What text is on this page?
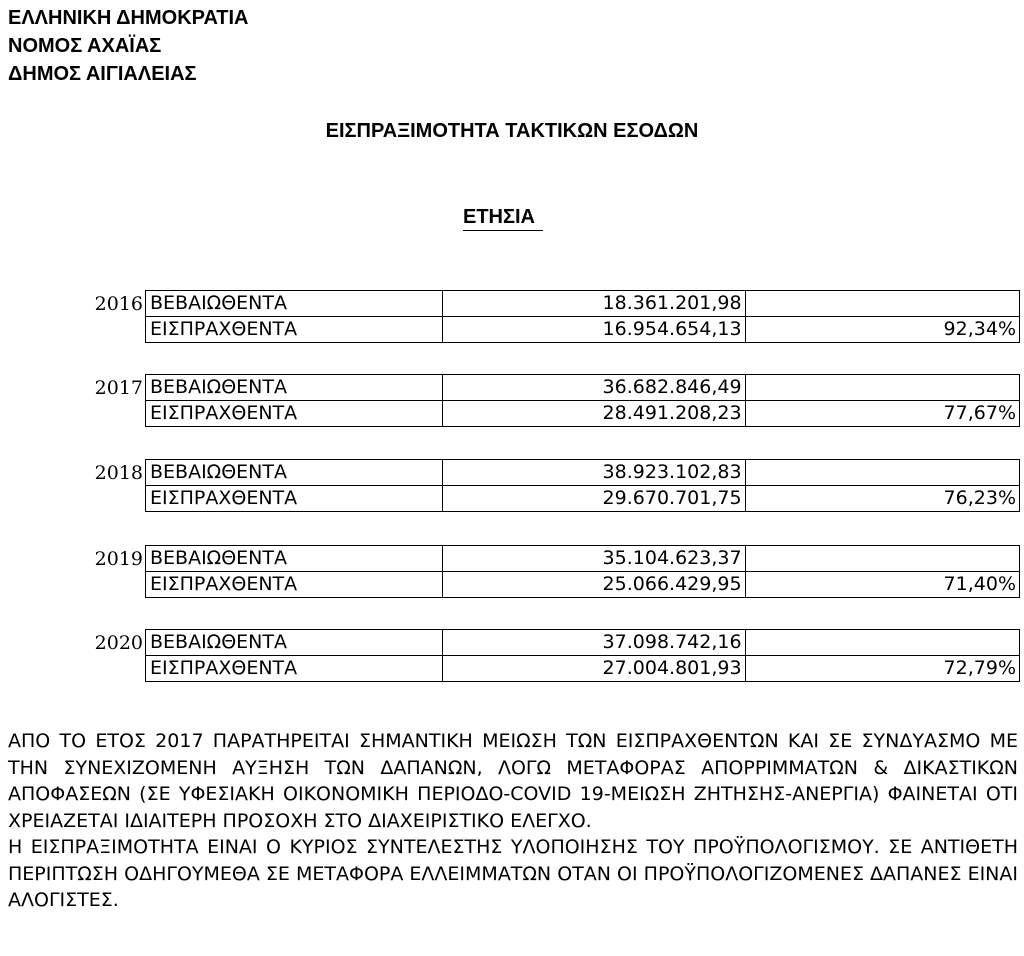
ΕΛΛΗΝΙΚΗ ΔΗΜΟΚΡΑΤΙΑ
ΝΟΜΟΣ ΑΧΑΪΑΣ
ΔΗΜΟΣ ΑΙΓΙΑΛΕΙΑΣ
ΕΙΣΠΡΑΞΙΜΟΤΗΤΑ ΤΑΚΤΙΚΩΝ ΕΣΟΔΩΝ
ΕΤΗΣΙΑ
2016 ΒΕΒΑΙΩΘΕΝΤΑ	18.361.201,98	
ΕΙΣΠΡΑΧΘΕΝΤΑ	16.954.654,13	92,34%
2017 ΒΕΒΑΙΩΘΕΝΤΑ	36.682.846,49	
ΕΙΣΠΡΑΧΘΕΝΤΑ	28.491.208,23	77,67%
2018 ΒΕΒΑΙΩΘΕΝΤΑ	38.923.102,83	
ΕΙΣΠΡΑΧΘΕΝΤΑ	29.670.701,75	76,23%
2019 ΒΕΒΑΙΩΘΕΝΤΑ	35.104.623,37	
ΕΙΣΠΡΑΧΘΕΝΤΑ	25.066.429,95	71,40%
2020 ΒΕΒΑΙΩΘΕΝΤΑ	37.098.742,16	
ΕΙΣΠΡΑΧΘΕΝΤΑ	27.004.801,93	72,79%

ΑΠΟ ΤΟ ΕΤΟΣ 2017 ΠΑΡΑΤΗΡΕΙΤΑΙ ΣΗΜΑΝΤΙΚΗ ΜΕΙΩΣΗ ΤΩΝ ΕΙΣΠΡΑΧΘΕΝΤΩΝ ΚΑΙ ΣΕ ΣΥΝΔΥΑΣΜΟ ΜΕ ΤΗΝ ΣΥΝΕΧΙΖΟΜΕΝΗ ΑΥΞΗΣΗ ΤΩΝ ΔΑΠΑΝΩΝ, ΛΟΓΩ ΜΕΤΑΦΟΡΑΣ ΑΠΟΡΡΙΜΜΑΤΩΝ & ΔΙΚΑΣΤΙΚΩΝ ΑΠΟΦΑΣΕΩΝ (ΣΕ ΥΦΕΣΙΑΚΗ ΟΙΚΟΝΟΜΙΚΗ ΠΕΡΙΟΔΟ-COVID 19-ΜΕΙΩΣΗ ΖΗΤΗΣΗΣ-ΑΝΕΡΓΙΑ) ΦΑΙΝΕΤΑΙ ΟΤΙ ΧΡΕΙΑΖΕΤΑΙ ΙΔΙΑΙΤΕΡΗ ΠΡΟΣΟΧΗ ΣΤΟ ΔΙΑΧΕΙΡΙΣΤΙΚΟ ΕΛΕΓΧΟ.

Η ΕΙΣΠΡΑΞΙΜΟΤΗΤΑ ΕΙΝΑΙ Ο ΚΥΡΙΟΣ ΣΥΝΤΕΛΕΣΤΗΣ ΥΛΟΠΟΙΗΣΗΣ ΤΟΥ ΠΡΟΫΠΟΛΟΓΙΣΜΟΥ. ΣΕ ΑΝΤΙΘΕΤΗ ΠΕΡΙΠΤΩΣΗ ΟΔΗΓΟΥΜΕΘΑ ΣΕ ΜΕΤΑΦΟΡΑ ΕΛΛΕΙΜΜΑΤΩΝ ΟΤΑΝ ΟΙ ΠΡΟΫΠΟΛΟΓΙΖΟΜΕΝΕΣ ΔΑΠΑΝΕΣ ΕΙΝΑΙ ΑΛΟΓΙΣΤΕΣ.
